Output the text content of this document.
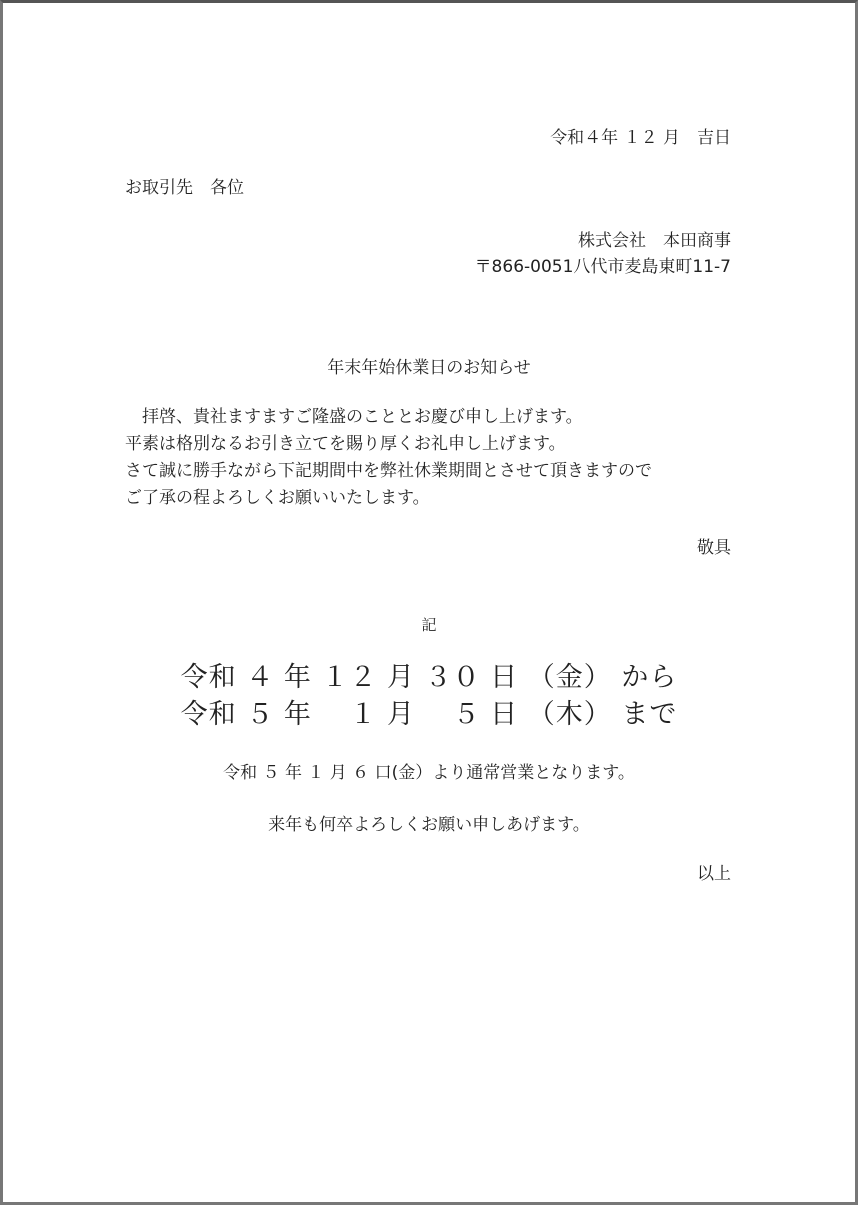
令和４年 １２ 月　吉日
お取引先　各位
株式会社　本田商事
〒866-0051八代市麦島東町11-7
年末年始休業日のお知らせ
　拝啓、貴社ますますご隆盛のこととお慶び申し上げます。
平素は格別なるお引き立てを賜り厚くお礼申し上げます。
さて誠に勝手ながら下記期間中を弊社休業期間とさせて頂きますので
ご了承の程よろしくお願いいたします。
敬具
記
令和 ４ 年 １２ 月 ３０ 日 （金） から
令和 ５ 年　 １ 月　 ５ 日 （木） まで
令和 ５ 年 １ 月 ６ 口(金）より通常営業となります。
来年も何卒よろしくお願い申しあげます。
以上
